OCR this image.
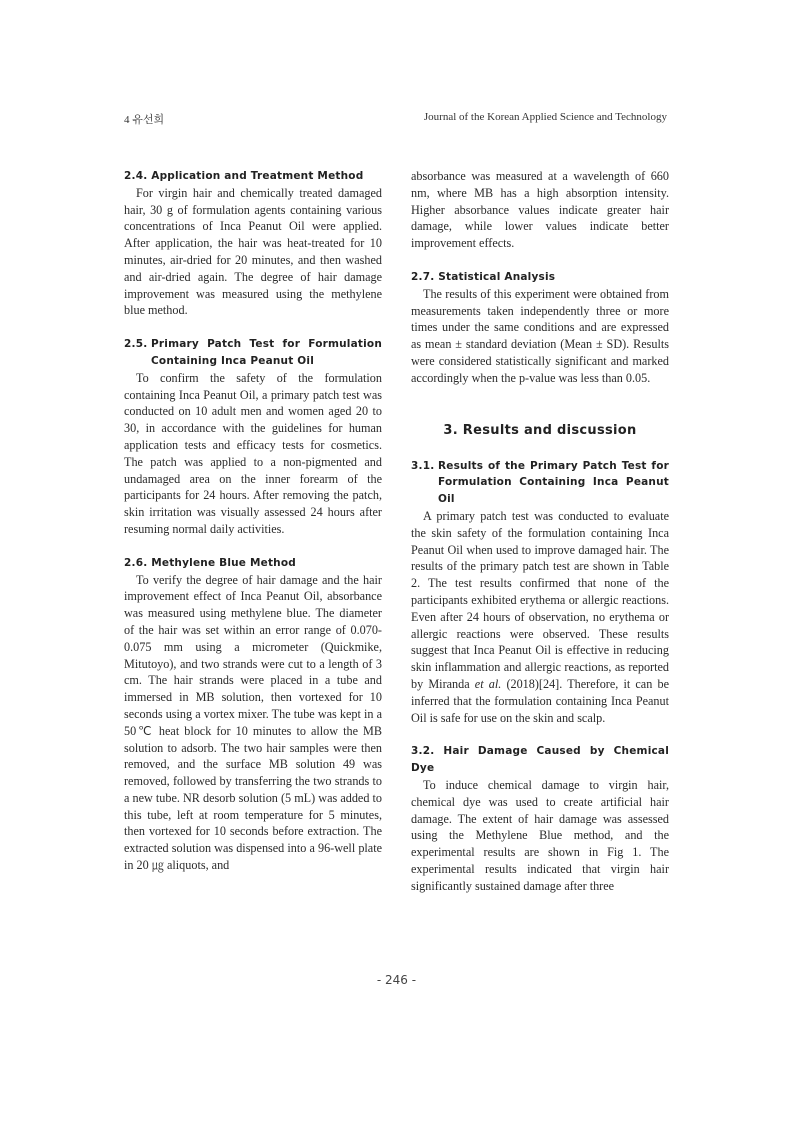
4 유선희	Journal of the Korean Applied Science and Technology
2.4. Application and Treatment Method

For virgin hair and chemically treated damaged hair, 30 g of formulation agents containing various concentrations of Inca Peanut Oil were applied. After application, the hair was heat-treated for 10 minutes, air-dried for 20 minutes, and then washed and air-dried again. The degree of hair damage improvement was measured using the methylene blue method.

2.5. Primary Patch Test for Formulation Containing Inca Peanut Oil

To confirm the safety of the formulation containing Inca Peanut Oil, a primary patch test was conducted on 10 adult men and women aged 20 to 30, in accordance with the guidelines for human application tests and efficacy tests for cosmetics. The patch was applied to a non-pigmented and undamaged area on the inner forearm of the participants for 24 hours. After removing the patch, skin irritation was visually assessed 24 hours after resuming normal daily activities.

2.6. Methylene Blue Method

To verify the degree of hair damage and the hair improvement effect of Inca Peanut Oil, absorbance was measured using methylene blue. The diameter of the hair was set within an error range of 0.070-0.075 mm using a micrometer (Quickmike, Mitutoyo), and two strands were cut to a length of 3 cm. The hair strands were placed in a tube and immersed in MB solution, then vortexed for 10 seconds using a vortex mixer. The tube was kept in a 50℃ heat block for 10 minutes to allow the MB solution to adsorb. The two hair samples were then removed, and the surface MB solution 49 was removed, followed by transferring the two strands to a new tube. NR desorb solution (5 mL) was added to this tube, left at room temperature for 5 minutes, then vortexed for 10 seconds before extraction. The extracted solution was dispensed into a 96-well plate in 20 ㎍ aliquots, and

absorbance was measured at a wavelength of 660 nm, where MB has a high absorption intensity. Higher absorbance values indicate greater hair damage, while lower values indicate better improvement effects.

2.7. Statistical Analysis

The results of this experiment were obtained from measurements taken independently three or more times under the same conditions and are expressed as mean ± standard deviation (Mean ± SD). Results were considered statistically significant and marked accordingly when the p-value was less than 0.05.

3. Results and discussion
3.1. Results of the Primary Patch Test for Formulation Containing Inca Peanut Oil

A primary patch test was conducted to evaluate the skin safety of the formulation containing Inca Peanut Oil when used to improve damaged hair. The results of the primary patch test are shown in Table 2. The test results confirmed that none of the participants exhibited erythema or allergic reactions. Even after 24 hours of observation, no erythema or allergic reactions were observed. These results suggest that Inca Peanut Oil is effective in reducing skin inflammation and allergic reactions, as reported by Miranda et al. (2018)[24]. Therefore, it can be inferred that the formulation containing Inca Peanut Oil is safe for use on the skin and scalp.

3.2. Hair Damage Caused by Chemical Dye

To induce chemical damage to virgin hair, chemical dye was used to create artificial hair damage. The extent of hair damage was assessed using the Methylene Blue method, and the experimental results are shown in Fig 1. The experimental results indicated that virgin hair significantly sustained damage after three

- 246 -
